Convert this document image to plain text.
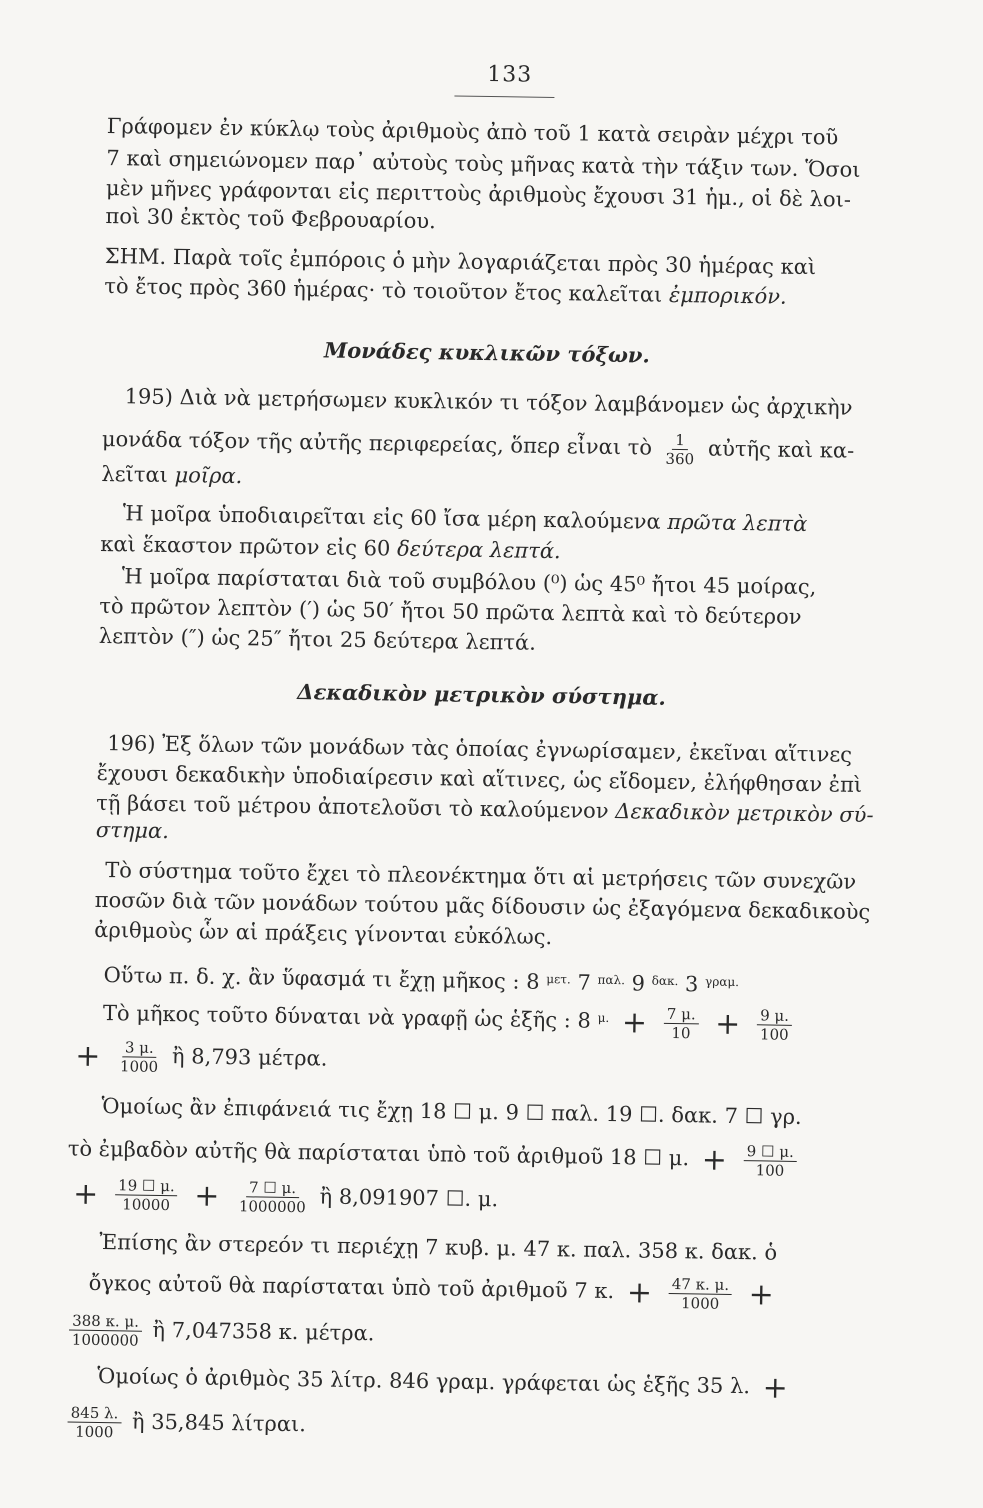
133
Γράφομεν ἐν κύκλῳ τοὺς ἀριθμοὺς ἀπὸ τοῦ 1 κατὰ σειρὰν μέχρι τοῦ
7 καὶ σημειώνομεν παρ᾿ αὐτοὺς τοὺς μῆνας κατὰ τὴν τάξιν των. Ὅσοι
μὲν μῆνες γράφονται εἰς περιττοὺς ἀριθμοὺς ἔχουσι 31 ἡμ., οἱ δὲ λοι-
ποὶ 30 ἐκτὸς τοῦ Φεβρουαρίου.
ΣΗΜ. Παρὰ τοῖς ἐμπόροις ὁ μὴν λογαριάζεται πρὸς 30 ἡμέρας καὶ
τὸ ἔτος πρὸς 360 ἡμέρας· τὸ τοιοῦτον ἔτος καλεῖται ἐμπορικόν.
Μονάδες κυκλικῶν τόξων.
195) Διὰ νὰ μετρήσωμεν κυκλικόν τι τόξον λαμβάνομεν ὡς ἀρχικὴν
μονάδα τόξον τῆς αὐτῆς περιφερείας, ὅπερ εἶναι τὸ $\frac{1}{360}$ αὐτῆς καὶ κα-
λεῖται μοῖρα.
Ἡ μοῖρα ὑποδιαιρεῖται εἰς 60 ἴσα μέρη καλούμενα πρῶτα λεπτὰ
καὶ ἕκαστον πρῶτον εἰς 60 δεύτερα λεπτά.
Ἡ μοῖρα παρίσταται διὰ τοῦ συμβόλου (⁰) ὡς 45⁰ ἤτοι 45 μοίρας,
τὸ πρῶτον λεπτὸν (′) ὡς 50′ ἤτοι 50 πρῶτα λεπτὰ καὶ τὸ δεύτερον
λεπτὸν (″) ὡς 25″ ἤτοι 25 δεύτερα λεπτά.
Δεκαδικὸν μετρικὸν σύστημα.
196) Ἐξ ὅλων τῶν μονάδων τὰς ὁποίας ἐγνωρίσαμεν, ἐκεῖναι αἵτινες
ἔχουσι δεκαδικὴν ὑποδιαίρεσιν καὶ αἵτινες, ὡς εἴδομεν, ἐλήφθησαν ἐπὶ
τῇ βάσει τοῦ μέτρου ἀποτελοῦσι τὸ καλούμενον Δεκαδικὸν μετρικὸν σύ-
στημα.
Τὸ σύστημα τοῦτο ἔχει τὸ πλεονέκτημα ὅτι αἱ μετρήσεις τῶν συνεχῶν
ποσῶν διὰ τῶν μονάδων τούτου μᾶς δίδουσιν ὡς ἐξαγόμενα δεκαδικοὺς
ἀριθμοὺς ὧν αἱ πράξεις γίνονται εὐκόλως.
Οὕτω π. δ. χ. ἂν ὕφασμά τι ἔχῃ μῆκος : 8 $^{\mu\varepsilon\tau.}$ 7 $^{\pi\alpha\lambda.}$ 9 $^{\delta\alpha\kappa.}$ 3 $^{\gamma\rho\alpha\mu.}$
Τὸ μῆκος τοῦτο δύναται νὰ γραφῇ ὡς ἑξῆς : 8 $^{\mu.} + \frac{7 \mu.}{10} + \frac{9 \mu.}{100}$
+ $\frac{3 \mu.}{1000}$ ἢ 8,793 μέτρα.
Ὁμοίως ἂν ἐπιφάνειά τις ἔχῃ 18 ☐ μ. 9 ☐ παλ. 19 ☐. δακ. 7 ☐ γρ.
τὸ ἐμβαδὸν αὐτῆς θὰ παρίσταται ὑπὸ τοῦ ἀριθμοῦ 18 ☐ μ. + $\frac{9 ☐ \mu.}{100}$
+ $\frac{19 ☐ \mu.}{10000} + \frac{7 ☐ \mu.}{1000000}$ ἢ 8,091907 ☐. μ.
Ἐπίσης ἂν στερεόν τι περιέχῃ 7 κυβ. μ. 47 κ. παλ. 358 κ. δακ. ὁ
ὄγκος αὐτοῦ θὰ παρίσταται ὑπὸ τοῦ ἀριθμοῦ 7 κ. + $\frac{47 \kappa. \mu.}{1000}$ +
$\frac{388 \kappa. \mu.}{1000000}$ ἢ 7,047358 κ. μέτρα.
Ὁμοίως ὁ ἀριθμὸς 35 λίτρ. 846 γραμ. γράφεται ὡς ἑξῆς 35 λ. +
$\frac{845 \lambda.}{1000}$ ἢ 35,845 λίτραι.
